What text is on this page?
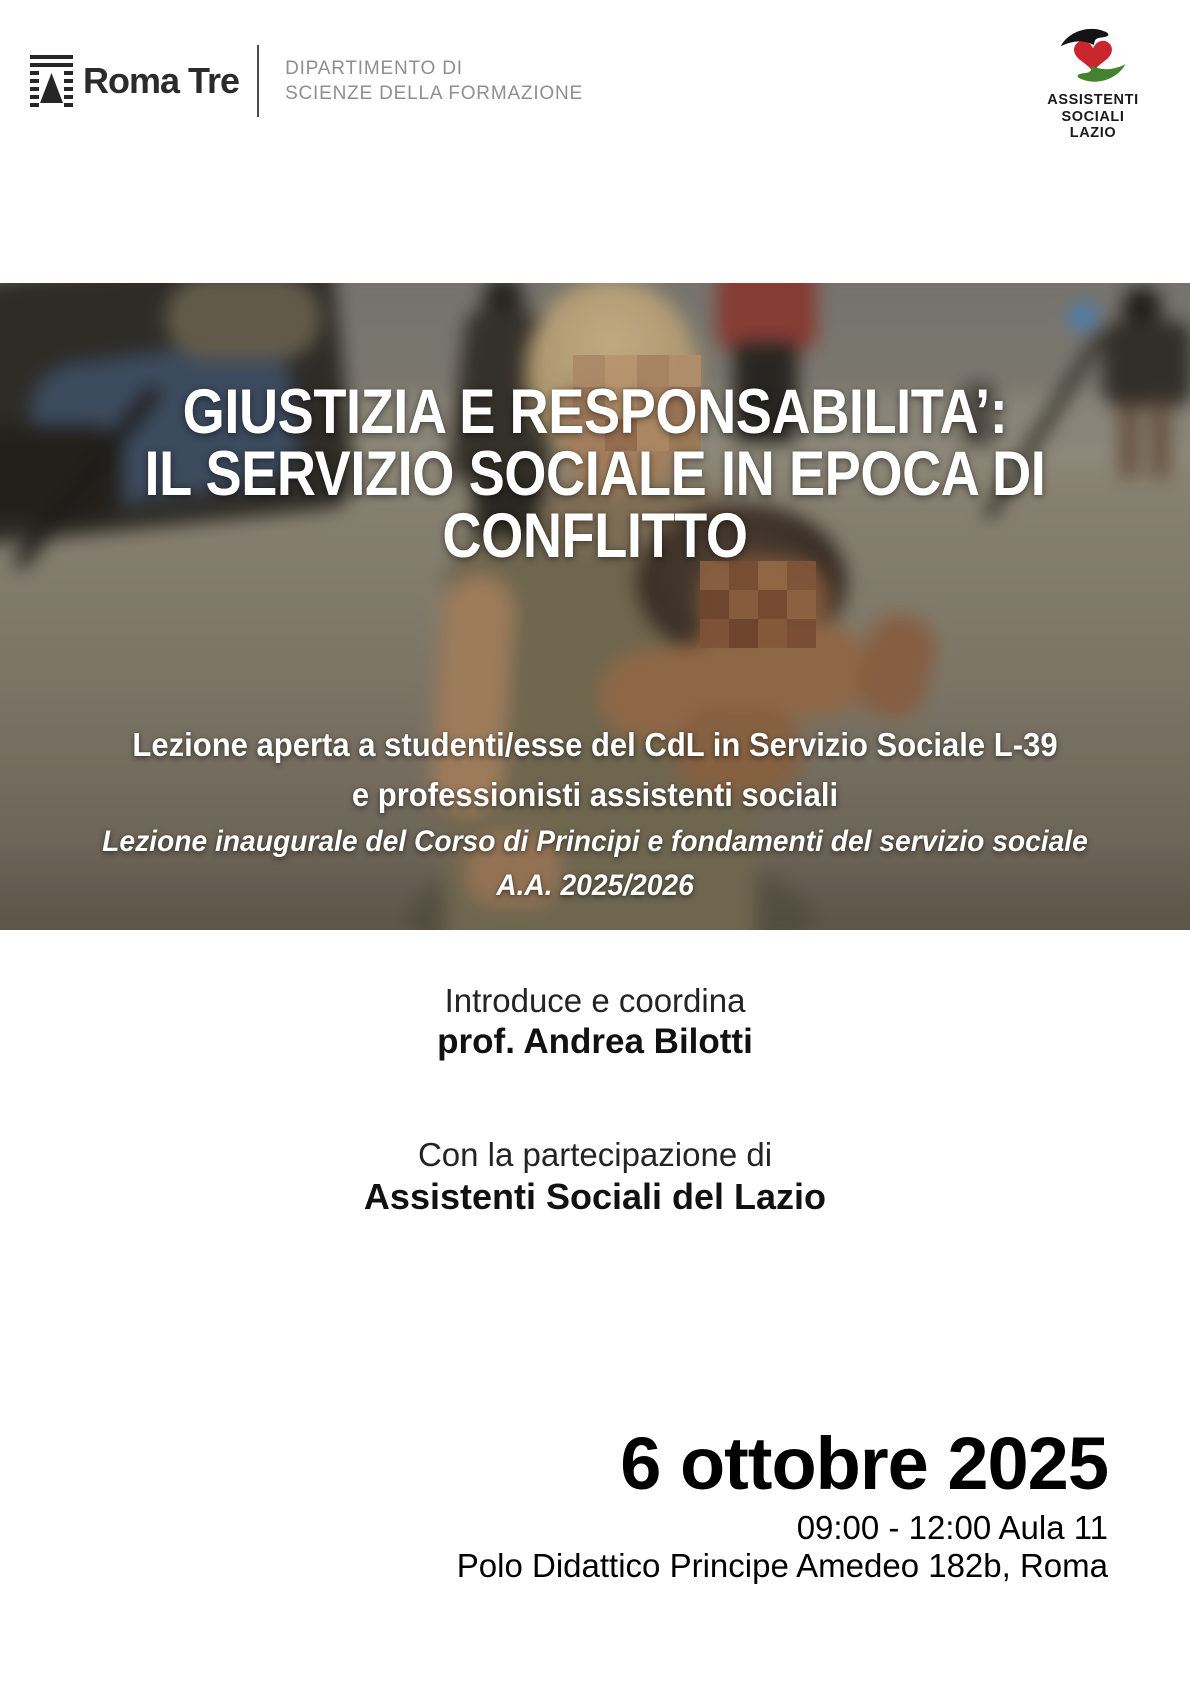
Roma Tre DIPARTIMENTO DI
SCIENZE DELLA FORMAZIONE	ASSISTENTI
SOCIALI
LAZIO
GIUSTIZIA E RESPONSABILITA’:
IL SERVIZIO SOCIALE IN EPOCA DI
CONFLITTO
Lezione aperta a studenti/esse del CdL in Servizio Sociale L-39
e professionisti assistenti sociali
Lezione inaugurale del Corso di Principi e fondamenti del servizio sociale
A.A. 2025/2026
Introduce e coordina
prof. Andrea Bilotti
Con la partecipazione di
Assistenti Sociali del Lazio
6 ottobre 2025
09:00 - 12:00 Aula 11
Polo Didattico Principe Amedeo 182b, Roma
